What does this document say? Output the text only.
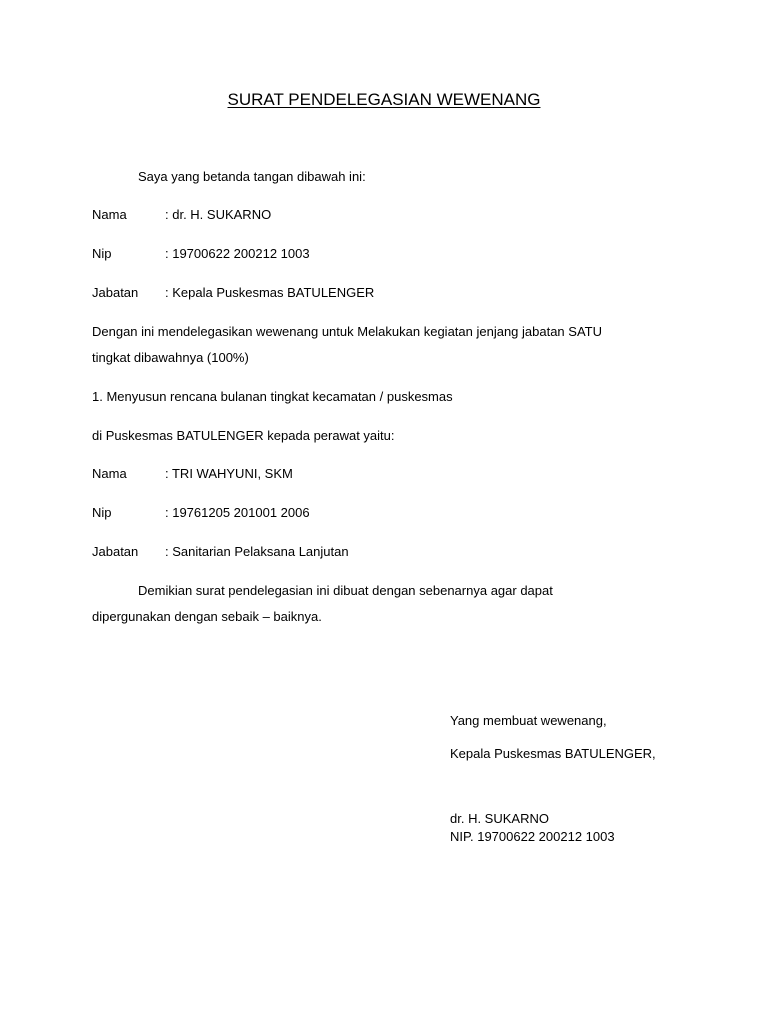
SURAT PENDELEGASIAN WEWENANG
Saya yang betanda tangan dibawah ini:
Nama	: dr. H. SUKARNO
Nip	: 19700622 200212 1003
Jabatan : Kepala Puskesmas BATULENGER
Dengan ini mendelegasikan wewenang untuk Melakukan kegiatan jenjang jabatan SATU
tingkat dibawahnya (100%)
1. Menyusun rencana bulanan tingkat kecamatan / puskesmas
di Puskesmas BATULENGER kepada perawat yaitu:
Nama	: TRI WAHYUNI, SKM
Nip	: 19761205 201001 2006
Jabatan : Sanitarian Pelaksana Lanjutan
Demikian surat pendelegasian ini dibuat dengan sebenarnya agar dapat
dipergunakan dengan sebaik – baiknya.
Yang membuat wewenang,
Kepala Puskesmas BATULENGER,
dr. H. SUKARNO
NIP. 19700622 200212 1003
